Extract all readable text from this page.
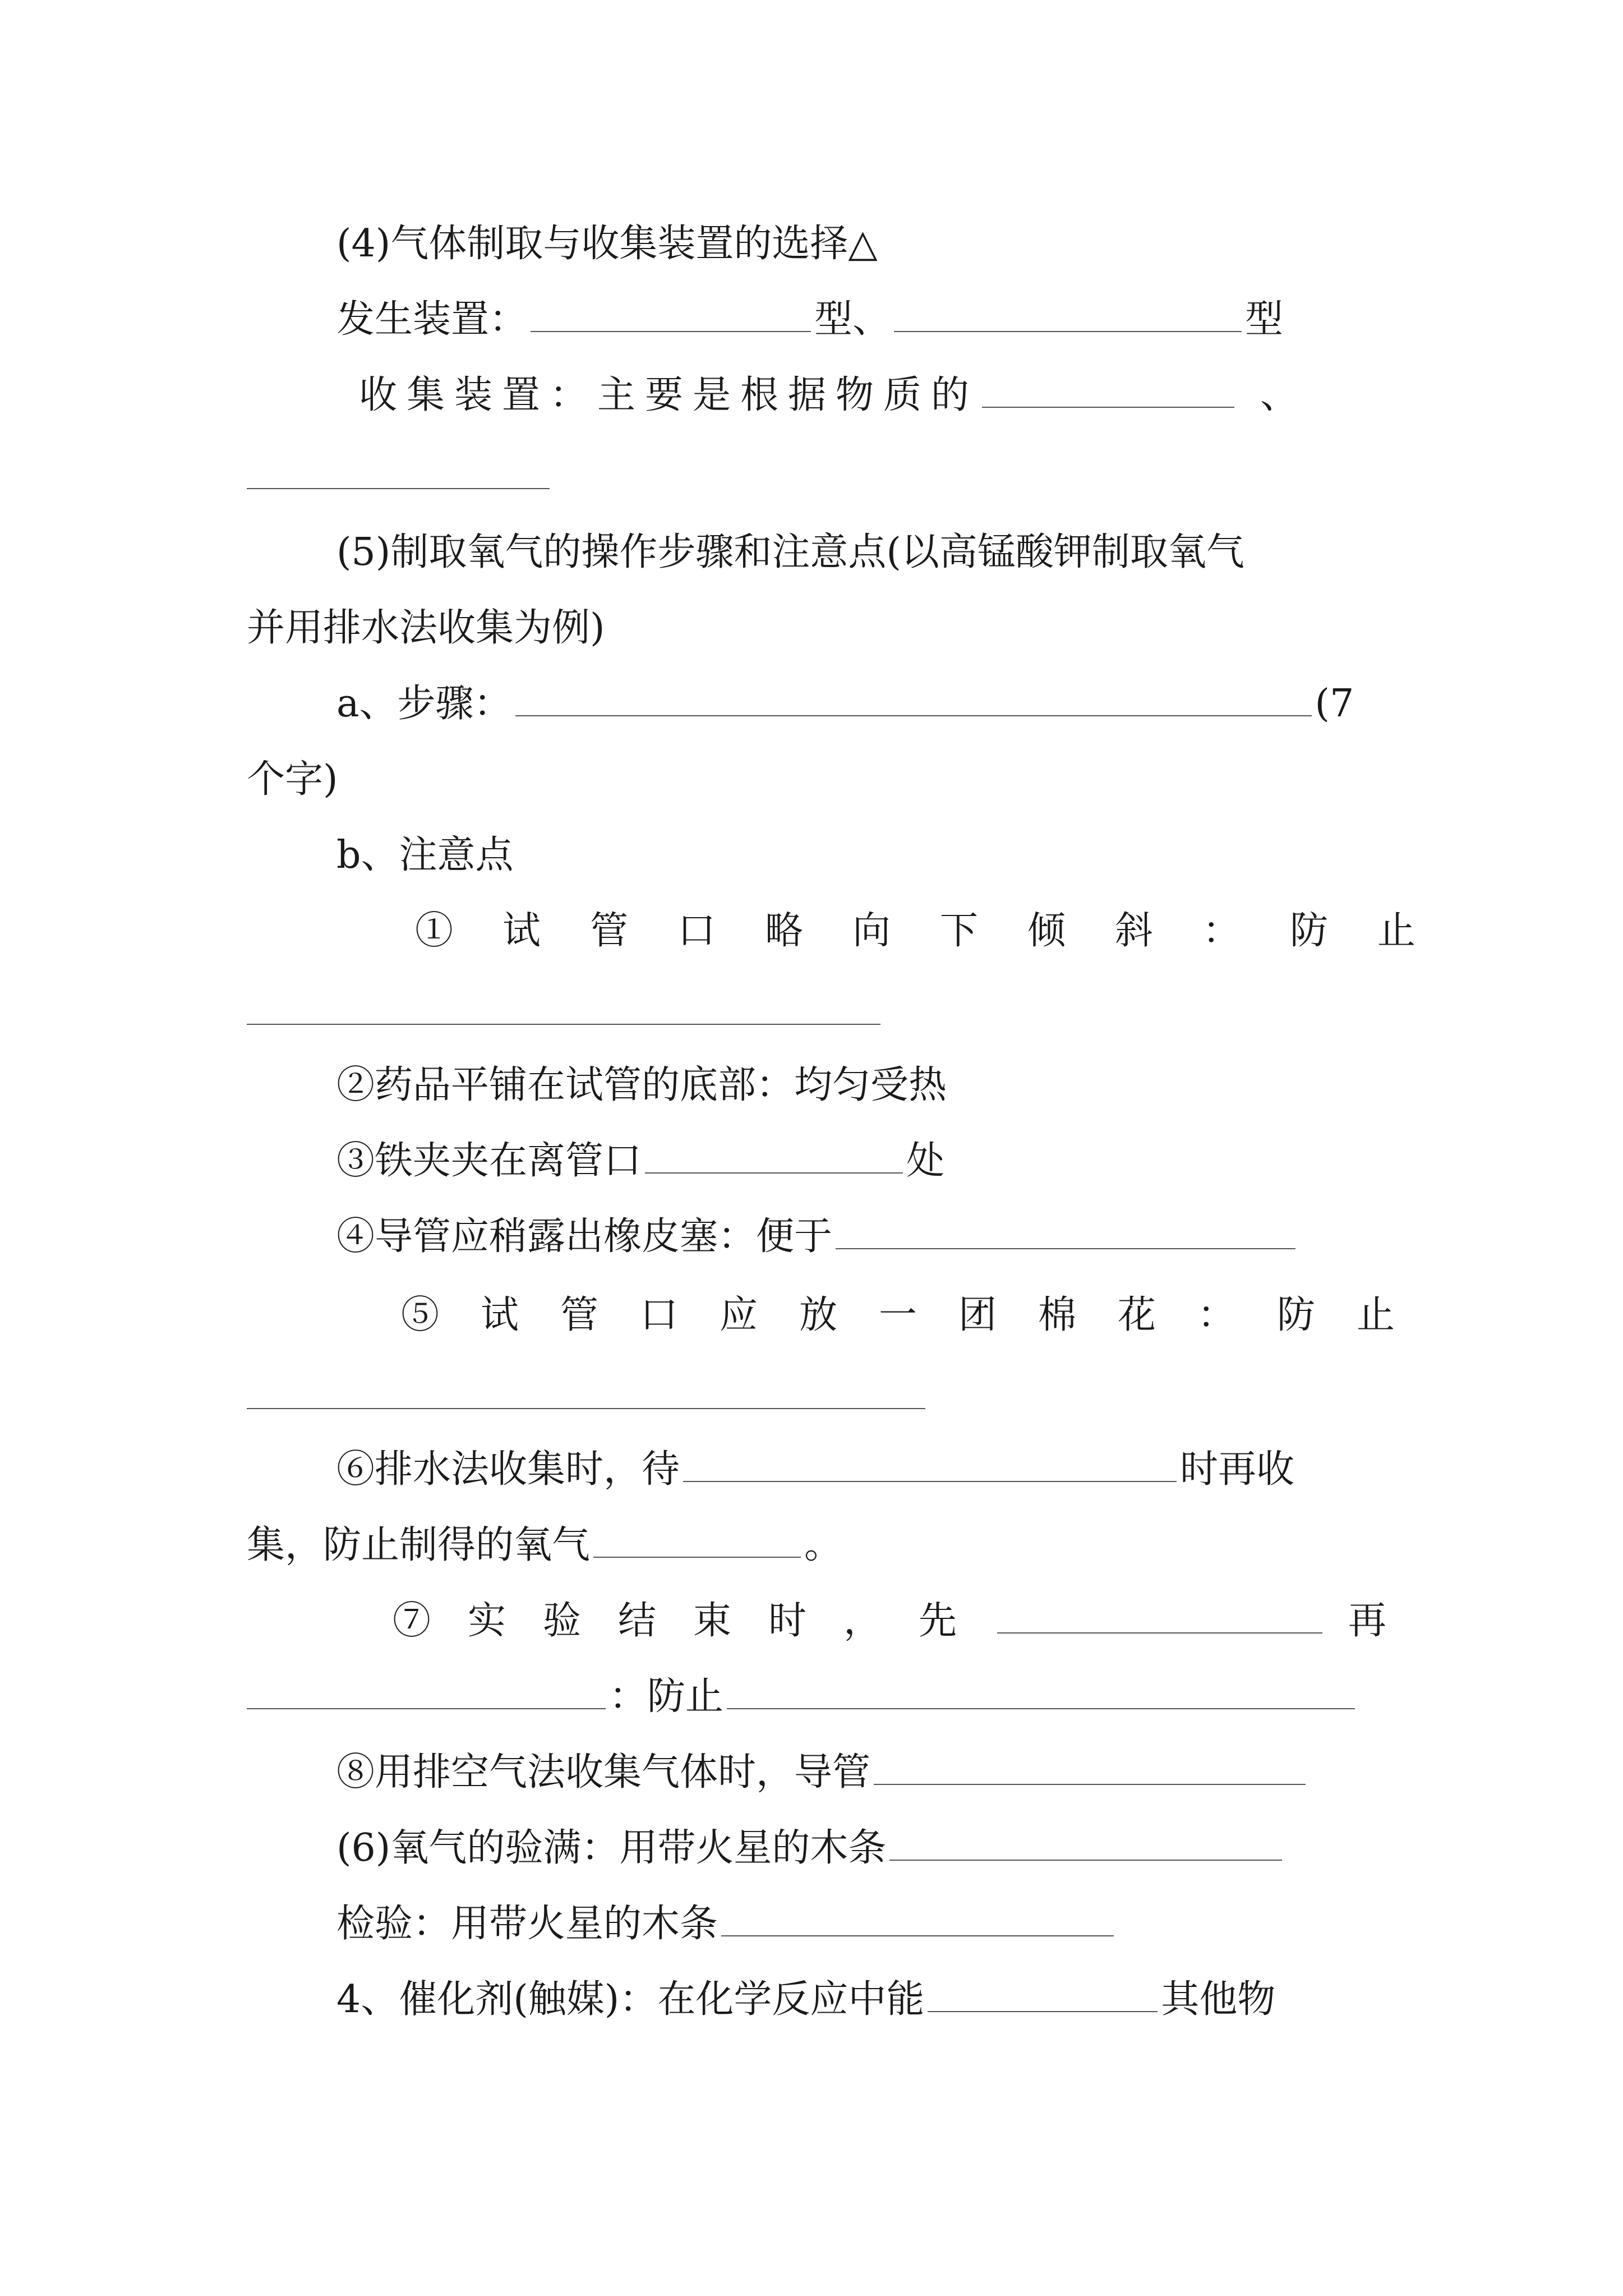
(4)气体制取与收集装置的选择△
发生装置：	型、	型
收集装置：主要是根据物质的	、
(5)制取氧气的操作步骤和注意点(以高锰酸钾制取氧气
并用排水法收集为例)
a、步骤：	(7
个字)
b、注意点
①试管口略向下倾斜：防止
②药品平铺在试管的底部：均匀受热
③铁夹夹在离管口	处
④导管应稍露出橡皮塞：便于
⑤试管口应放一团棉花：防止
⑥排水法收集时，待	时再收
集，防止制得的氧气	。
⑦实验结束时，先	再
：防止
⑧用排空气法收集气体时，导管
(6)氧气的验满：用带火星的木条
检验：用带火星的木条
4、催化剂(触媒)：在化学反应中能	其他物
